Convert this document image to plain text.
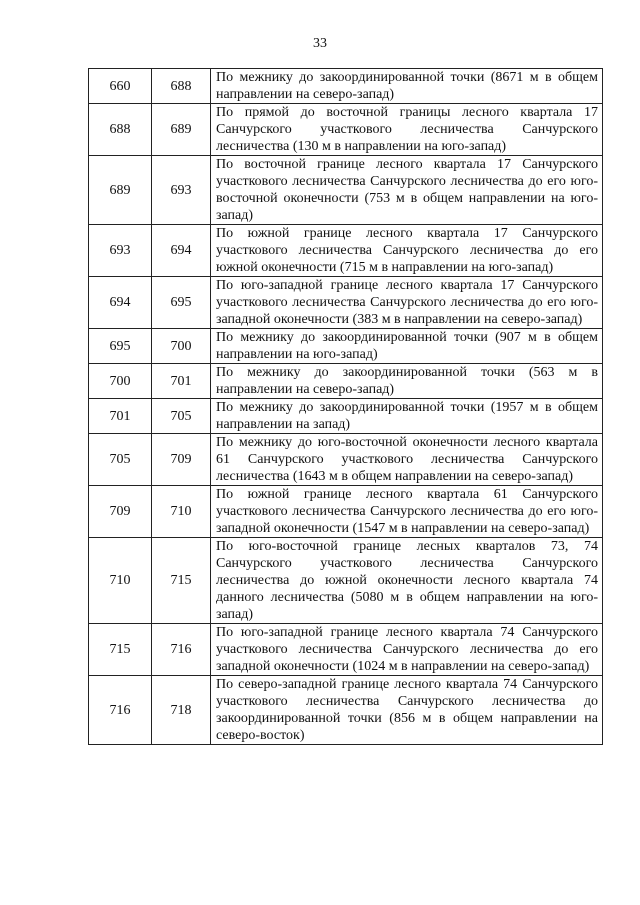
33
660	688	По межнику до закоординированной точки (8671 м в общем направлении на северо-запад)
688	689	По прямой до восточной границы лесного квартала 17 Санчурского участкового лесничества Санчурского лесничества (130 м в направлении на юго-запад)
689	693	По восточной границе лесного квартала 17 Санчурского участкового лесничества Санчурского лесничества до его юго-восточной оконечности (753 м в общем направлении на юго-запад)
693	694	По южной границе лесного квартала 17 Санчурского участкового лесничества Санчурского лесничества до его южной оконечности (715 м в направлении на юго-запад)
694	695	По юго-западной границе лесного квартала 17 Санчурского участкового лесничества Санчурского лесничества до его юго-западной оконечности (383 м в направлении на северо-запад)
695	700	По межнику до закоординированной точки (907 м в общем направлении на юго-запад)
700	701	По межнику до закоординированной точки (563 м в направлении на северо-запад)
701	705	По межнику до закоординированной точки (1957 м в общем направлении на запад)
705	709	По межнику до юго-восточной оконечности лесного квартала 61 Санчурского участкового лесничества Санчурского лесничества (1643 м в общем направлении на северо-запад)
709	710	По южной границе лесного квартала 61 Санчурского участкового лесничества Санчурского лесничества до его юго-западной оконечности (1547 м в направлении на северо-запад)
710	715	По юго-восточной границе лесных кварталов 73, 74 Санчурского участкового лесничества Санчурского лесничества до южной оконечности лесного квартала 74 данного лесничества (5080 м в общем направлении на юго-запад)
715	716	По юго-западной границе лесного квартала 74 Санчурского участкового лесничества Санчурского лесничества до его западной оконечности (1024 м в направлении на северо-запад)
716	718	По северо-западной границе лесного квартала 74 Санчурского участкового лесничества Санчурского лесничества до закоординированной точки (856 м в общем направлении на северо-восток)
